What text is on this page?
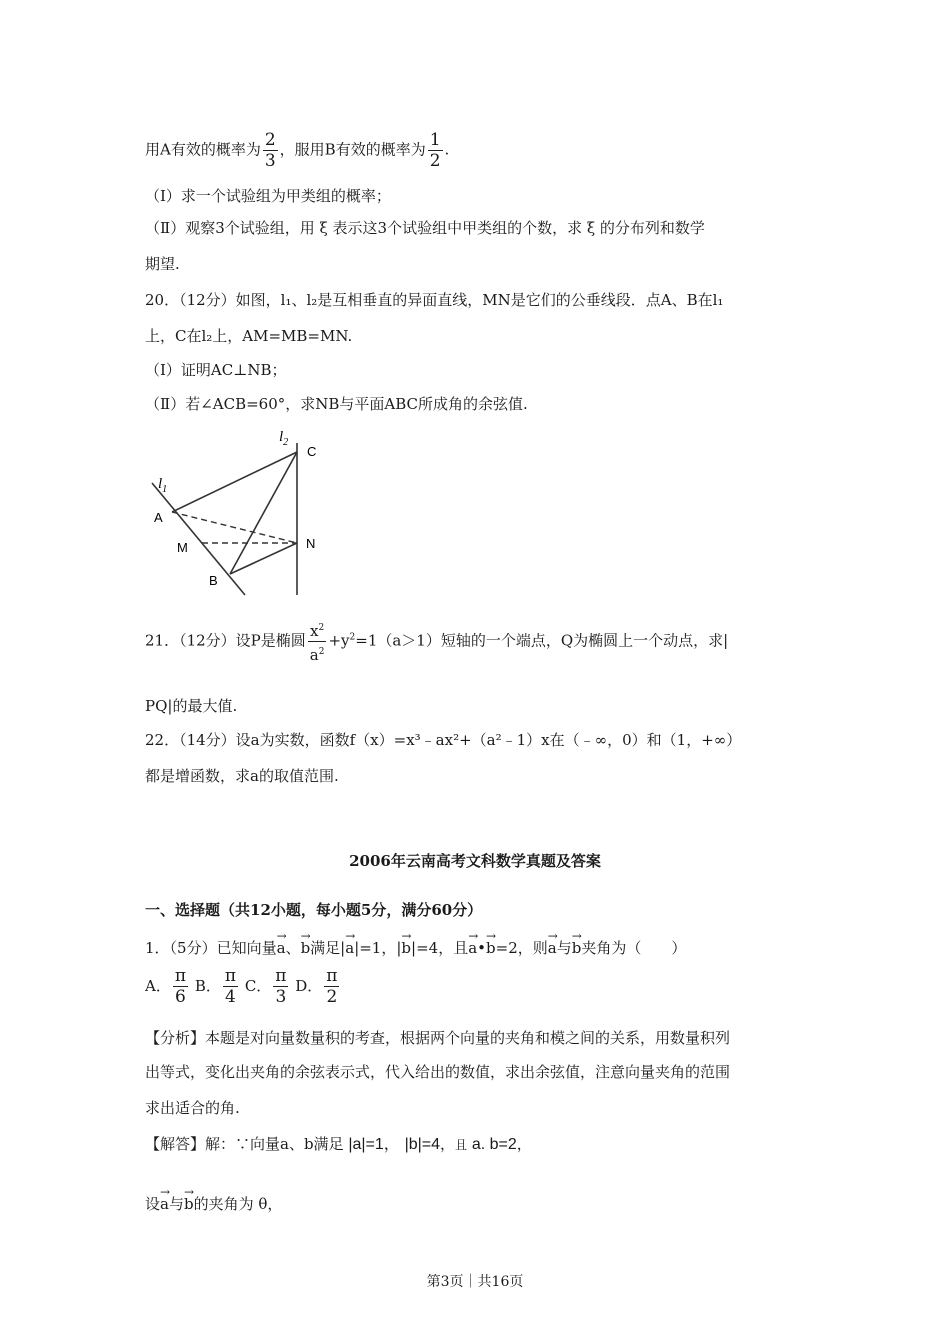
用A有效的概率为 $\frac{2}{3}$ ，服用B有效的概率为 $\frac{1}{2}$ .
（Ⅰ）求一个试验组为甲类组的概率；
（Ⅱ）观察3个试验组，用 ξ 表示这3个试验组中甲类组的个数，求 ξ 的分布列和数学
期望.
20．（12分）如图，l₁、l₂是互相垂直的异面直线，MN是它们的公垂线段．点A、B在l₁
上，C在l₂上，AM=MB=MN.
（Ⅰ）证明AC⊥NB；
（Ⅱ）若∠ACB=60°，求NB与平面ABC所成角的余弦值.
$l_2$
C
$l_1$
A
M	N
B
21．（12分）设P是椭圆 $\frac{x^2}{a^2} +y^2=1(a>1)$短轴的一个端点，Q为椭圆上一个动点，求|
PQ|的最大值.
22．（14分）设a为实数，函数f（x）=x³﹣ax²+（a²﹣1）x在（﹣∞，0）和（1，+∞）
都是增函数，求a的取值范围.
2006年云南高考文科数学真题及答案
一、选择题（共12小题，每小题5分，满分60分）
1．（5分）已知向量→ a、→ b满足|→ a|=1，|→ b|=4，且→ a•→ b=2，则→ a与→ b夹角为（　　）
A． $\frac{\pi}{6}$ B． $\frac{\pi}{4}$ C． $\frac{\pi}{3}$ D． $\frac{\pi}{2}$
【分析】本题是对向量数量积的考查，根据两个向量的夹角和模之间的关系，用数量积列
出等式，变化出夹角的余弦表示式，代入给出的数值，求出余弦值，注意向量夹角的范围
求出适合的角.
【解答】解：∵向量a、b满足 |a|=1， |b|=4，且 a. b=2，
设→ a与→ b的夹角为 θ，
第3页｜共16页
